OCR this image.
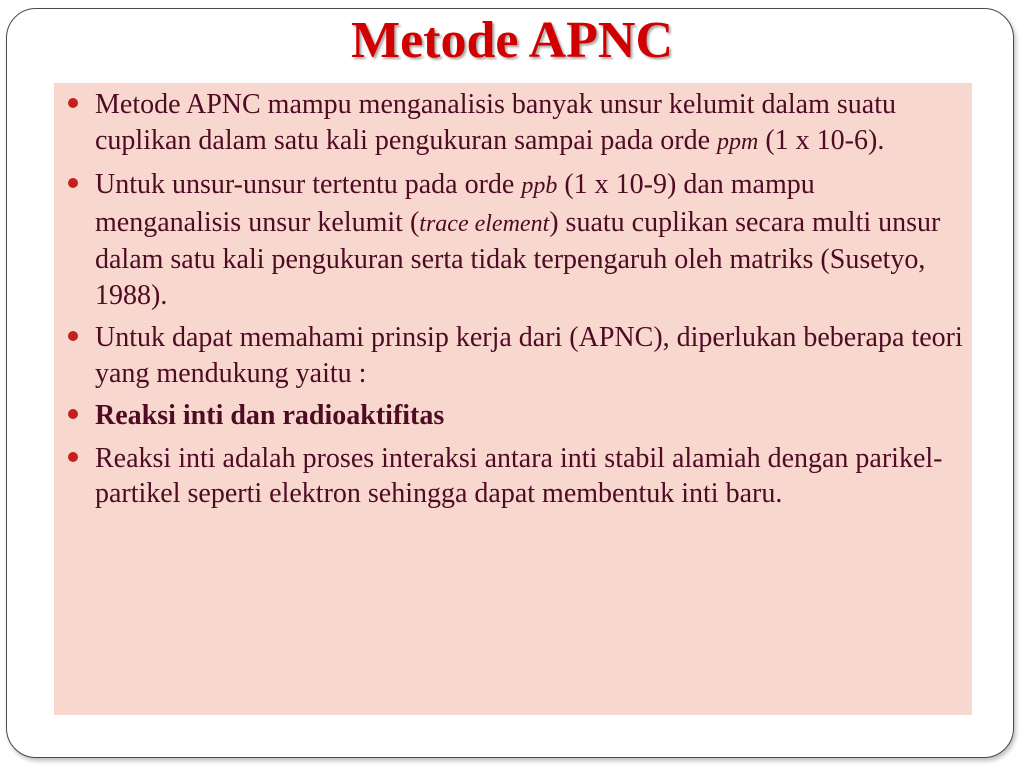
Metode APNC
Metode APNC mampu menganalisis banyak unsur kelumit dalam suatu cuplikan dalam satu kali pengukuran sampai pada orde ppm (1 x 10-6).
Untuk unsur-unsur tertentu pada orde ppb (1 x 10-9) dan mampu menganalisis unsur kelumit (trace element) suatu cuplikan secara multi unsur dalam satu kali pengukuran serta tidak terpengaruh oleh matriks (Susetyo, 1988).
Untuk dapat memahami prinsip kerja dari (APNC), diperlukan beberapa teori yang mendukung yaitu :
Reaksi inti dan radioaktifitas
Reaksi inti adalah proses interaksi antara inti stabil alamiah dengan parikel-partikel seperti elektron sehingga dapat membentuk inti baru.
